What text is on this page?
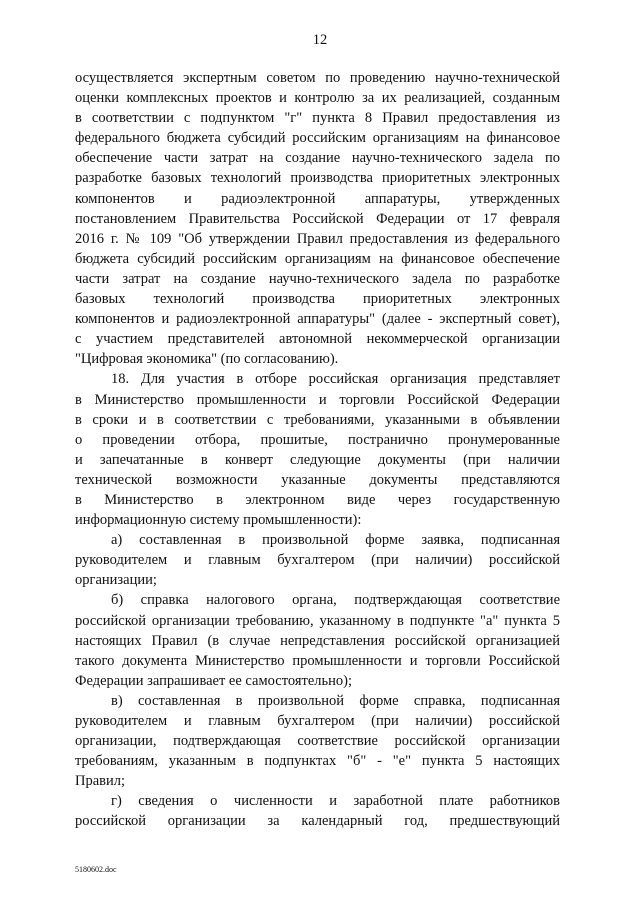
12
осуществляется экспертным советом по проведению научно-технической
оценки комплексных проектов и контролю за их реализацией, созданным
в соответствии с подпунктом "г" пункта 8 Правил предоставления из
федерального бюджета субсидий российским организациям на финансовое
обеспечение части затрат на создание научно-технического задела по
разработке базовых технологий производства приоритетных электронных
компонентов и радиоэлектронной аппаратуры, утвержденных
постановлением Правительства Российской Федерации от 17 февраля
2016 г. № 109 "Об утверждении Правил предоставления из федерального
бюджета субсидий российским организациям на финансовое обеспечение
части затрат на создание научно-технического задела по разработке
базовых технологий производства приоритетных электронных
компонентов и радиоэлектронной аппаратуры" (далее - экспертный совет),
с участием представителей автономной некоммерческой организации
"Цифровая экономика" (по согласованию).
18. Для участия в отборе российская организация представляет
в Министерство промышленности и торговли Российской Федерации
в сроки и в соответствии с требованиями, указанными в объявлении
о проведении отбора, прошитые, постранично пронумерованные
и запечатанные в конверт следующие документы (при наличии
технической возможности указанные документы представляются
в Министерство в электронном виде через государственную
информационную систему промышленности):
а) составленная в произвольной форме заявка, подписанная
руководителем и главным бухгалтером (при наличии) российской
организации;
б) справка налогового органа, подтверждающая соответствие
российской организации требованию, указанному в подпункте "а" пункта 5
настоящих Правил (в случае непредставления российской организацией
такого документа Министерство промышленности и торговли Российской
Федерации запрашивает ее самостоятельно);
в) составленная в произвольной форме справка, подписанная
руководителем и главным бухгалтером (при наличии) российской
организации, подтверждающая соответствие российской организации
требованиям, указанным в подпунктах "б" - "е" пункта 5 настоящих
Правил;
г) сведения о численности и заработной плате работников
российской организации за календарный год, предшествующий
5180602.doc
